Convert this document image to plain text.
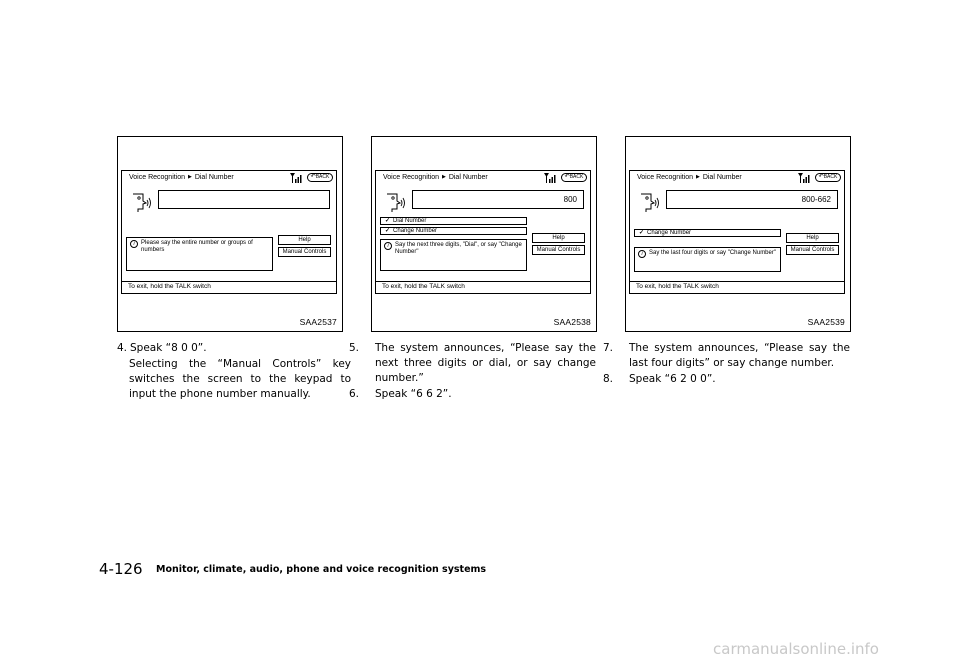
Voice Recognition ▶ Dial Number	↶BACK
i	Please say the entire number or groups of numbers
Help
Manual Controls
To exit, hold the TALK switch
SAA2537
Voice Recognition ▶ Dial Number	↶BACK
800
✓ Dial Number
✓ Change Number
i	Say the next three digits, "Dial", or say "Change Number"
Help
Manual Controls
To exit, hold the TALK switch
SAA2538
Voice Recognition ▶ Dial Number	↶BACK
800-662
✓ Change Number
i	Say the last four digits or say "Change Number"
Help
Manual Controls
To exit, hold the TALK switch
SAA2539
4. Speak “8 0 0”.
Selecting the “Manual Controls” key switches the screen to the keypad to input the phone number manually.
5. The system announces, “Please say the next three digits or dial, or say change number.”
6. Speak “6 6 2”.
7. The system announces, “Please say the last four digits” or say change number.
8. Speak “6 2 0 0”.
4-126 Monitor, climate, audio, phone and voice recognition systems
carmanualsonline.info
